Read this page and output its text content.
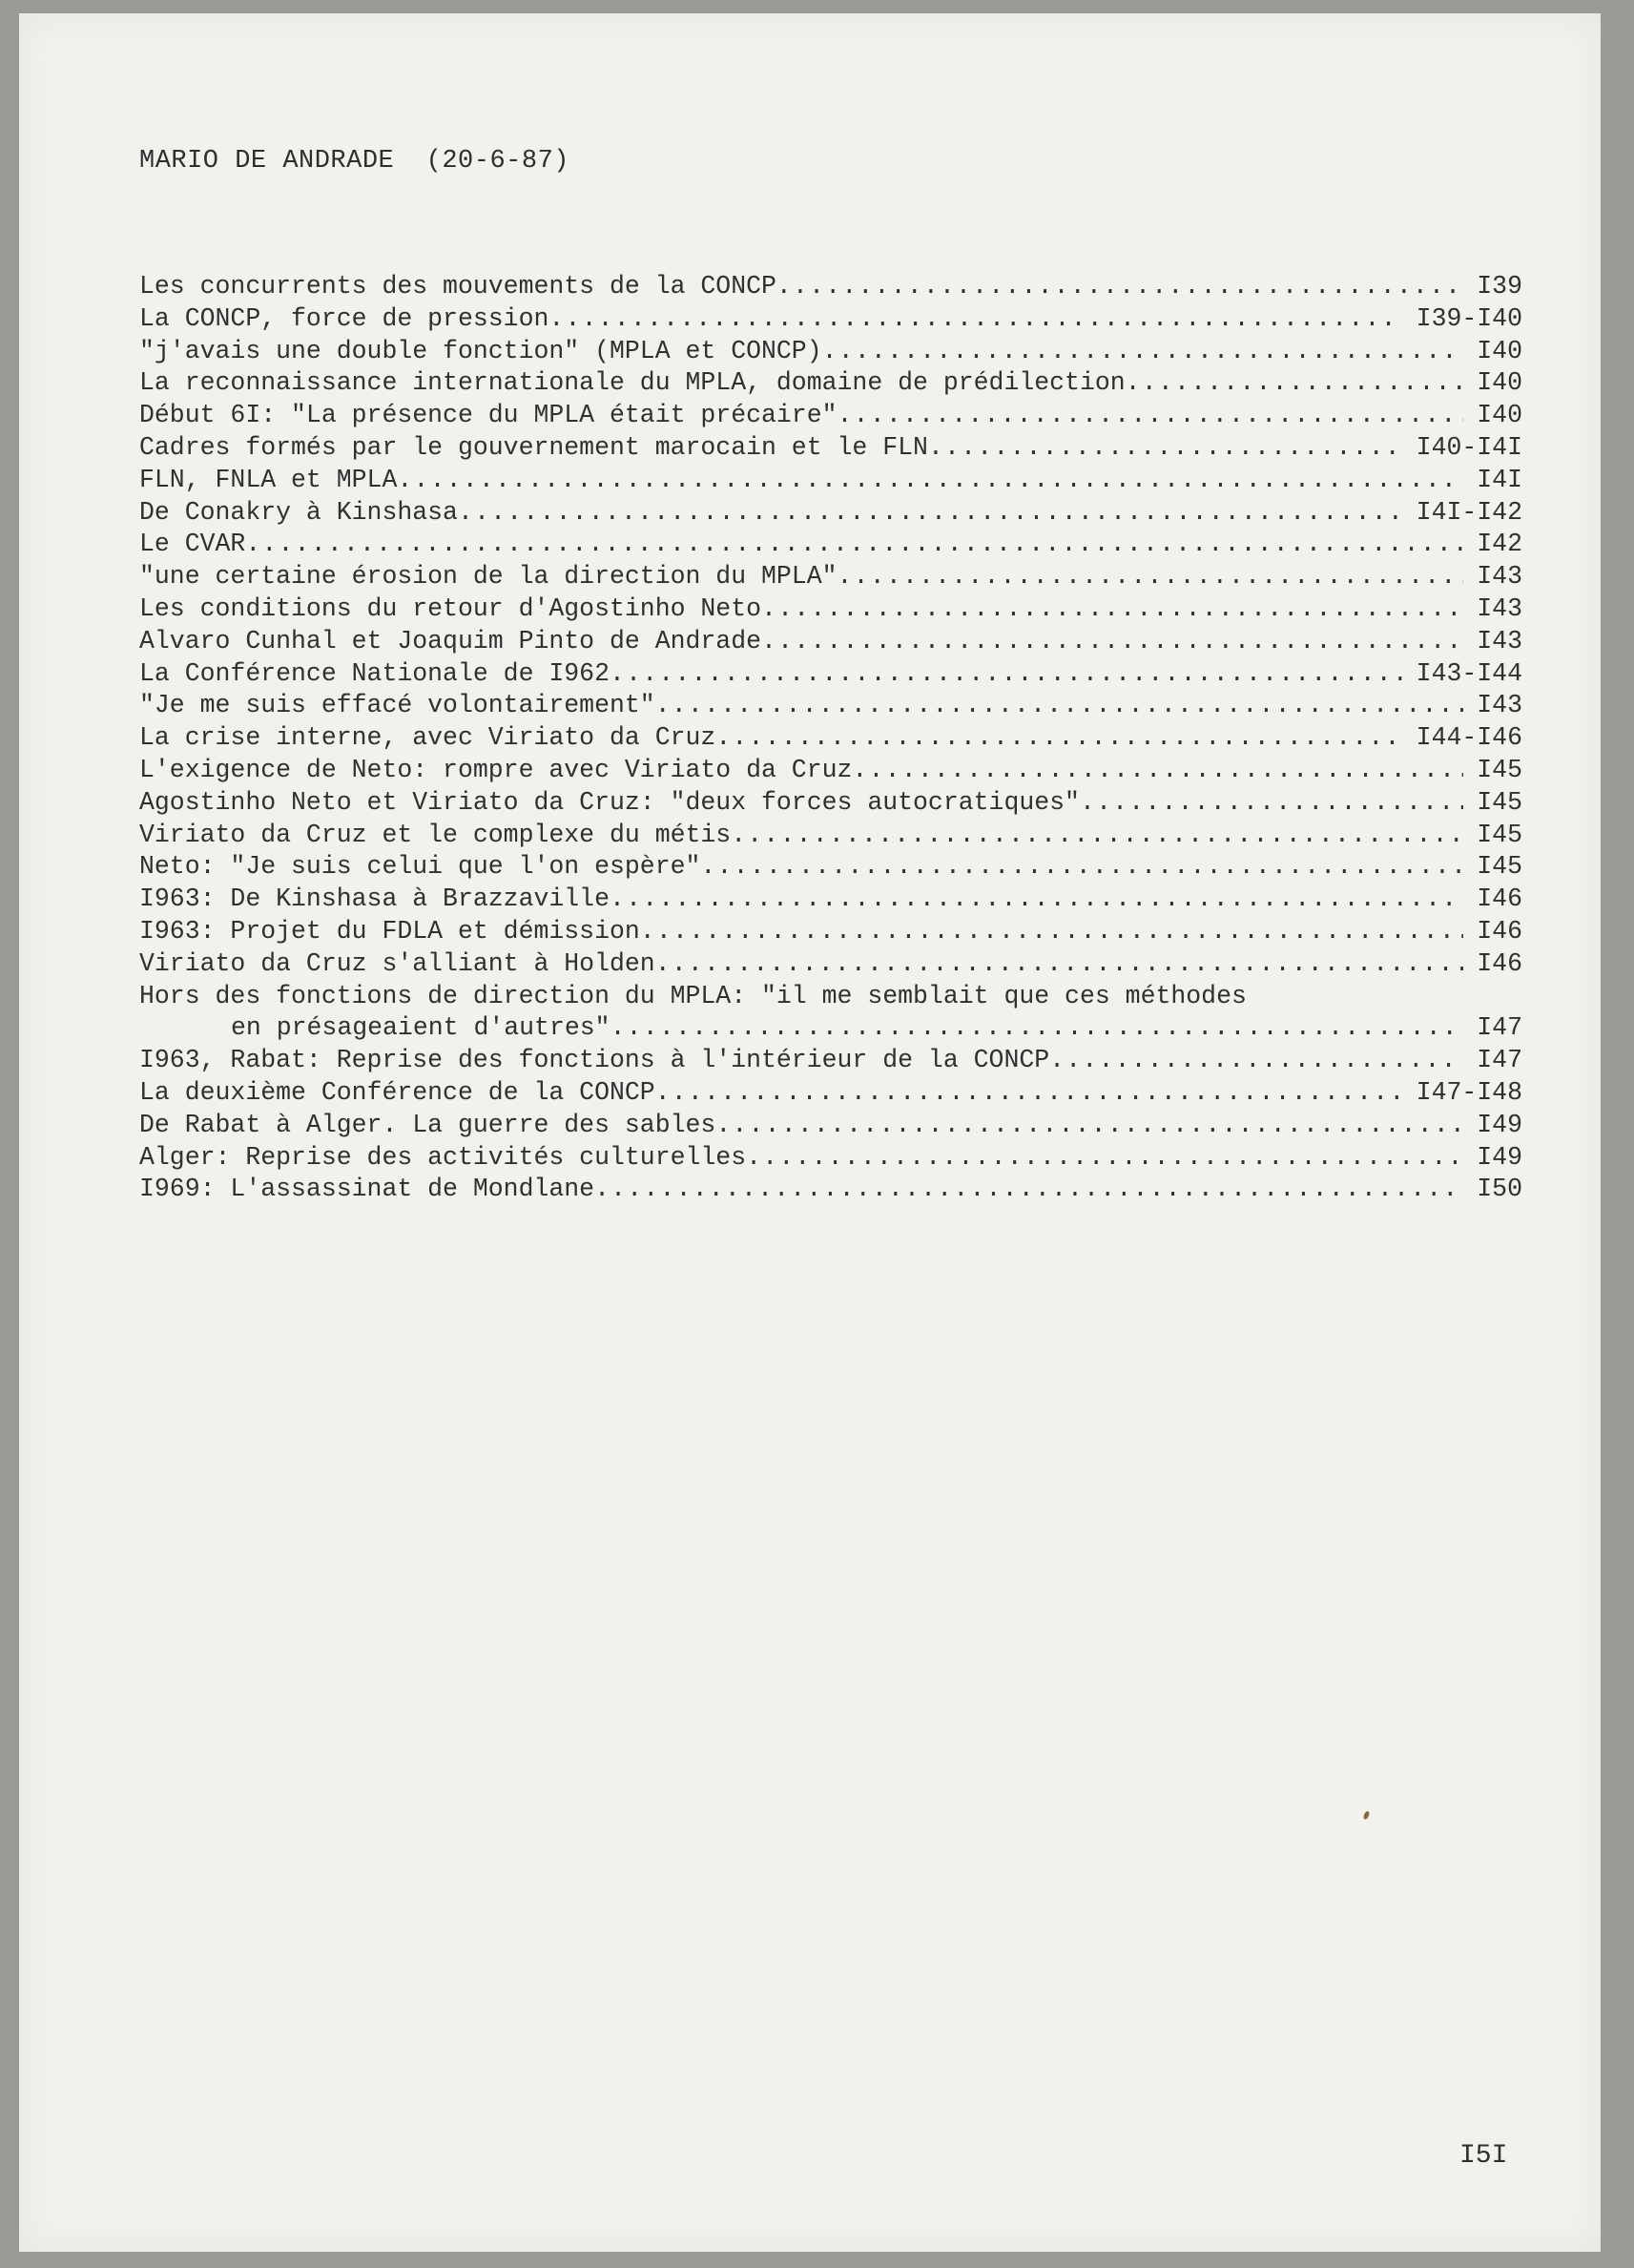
MARIO DE ANDRADE  (20-6-87)
Les concurrents des mouvements de la CONCP .....	I39
La CONCP, force de pression .....	I39-I40
"j'avais une double fonction" (MPLA et CONCP) .....	I40
La reconnaissance internationale du MPLA, domaine de prédilection .....	I40
Début 6I: "La présence du MPLA était précaire" .....	I40
Cadres formés par le gouvernement marocain et le FLN .....	I40-I4I
FLN, FNLA et MPLA .....	I4I
De Conakry à Kinshasa .....	I4I-I42
Le CVAR .....	I42
"une certaine érosion de la direction du MPLA" .....	I43
Les conditions du retour d'Agostinho Neto .....	I43
Alvaro Cunhal et Joaquim Pinto de Andrade .....	I43
La Conférence Nationale de I962 .....	I43-I44
"Je me suis effacé volontairement" .....	I43
La crise interne, avec Viriato da Cruz .....	I44-I46
L'exigence de Neto: rompre avec Viriato da Cruz .....	I45
Agostinho Neto et Viriato da Cruz: "deux forces autocratiques" .....	I45
Viriato da Cruz et le complexe du métis .....	I45
Neto: "Je suis celui que l'on espère" .....	I45
I963: De Kinshasa à Brazzaville .....	I46
I963: Projet du FDLA et démission .....	I46
Viriato da Cruz s'alliant à Holden .....	I46
Hors des fonctions de direction du MPLA: "il me semblait que ces méthodes
en présageaient d'autres" .....	I47
I963, Rabat: Reprise des fonctions à l'intérieur de la CONCP .....	I47
La deuxième Conférence de la CONCP .....	I47-I48
De Rabat à Alger. La guerre des sables .....	I49
Alger: Reprise des activités culturelles .....	I49
I969: L'assassinat de Mondlane .....	I50
I5I
